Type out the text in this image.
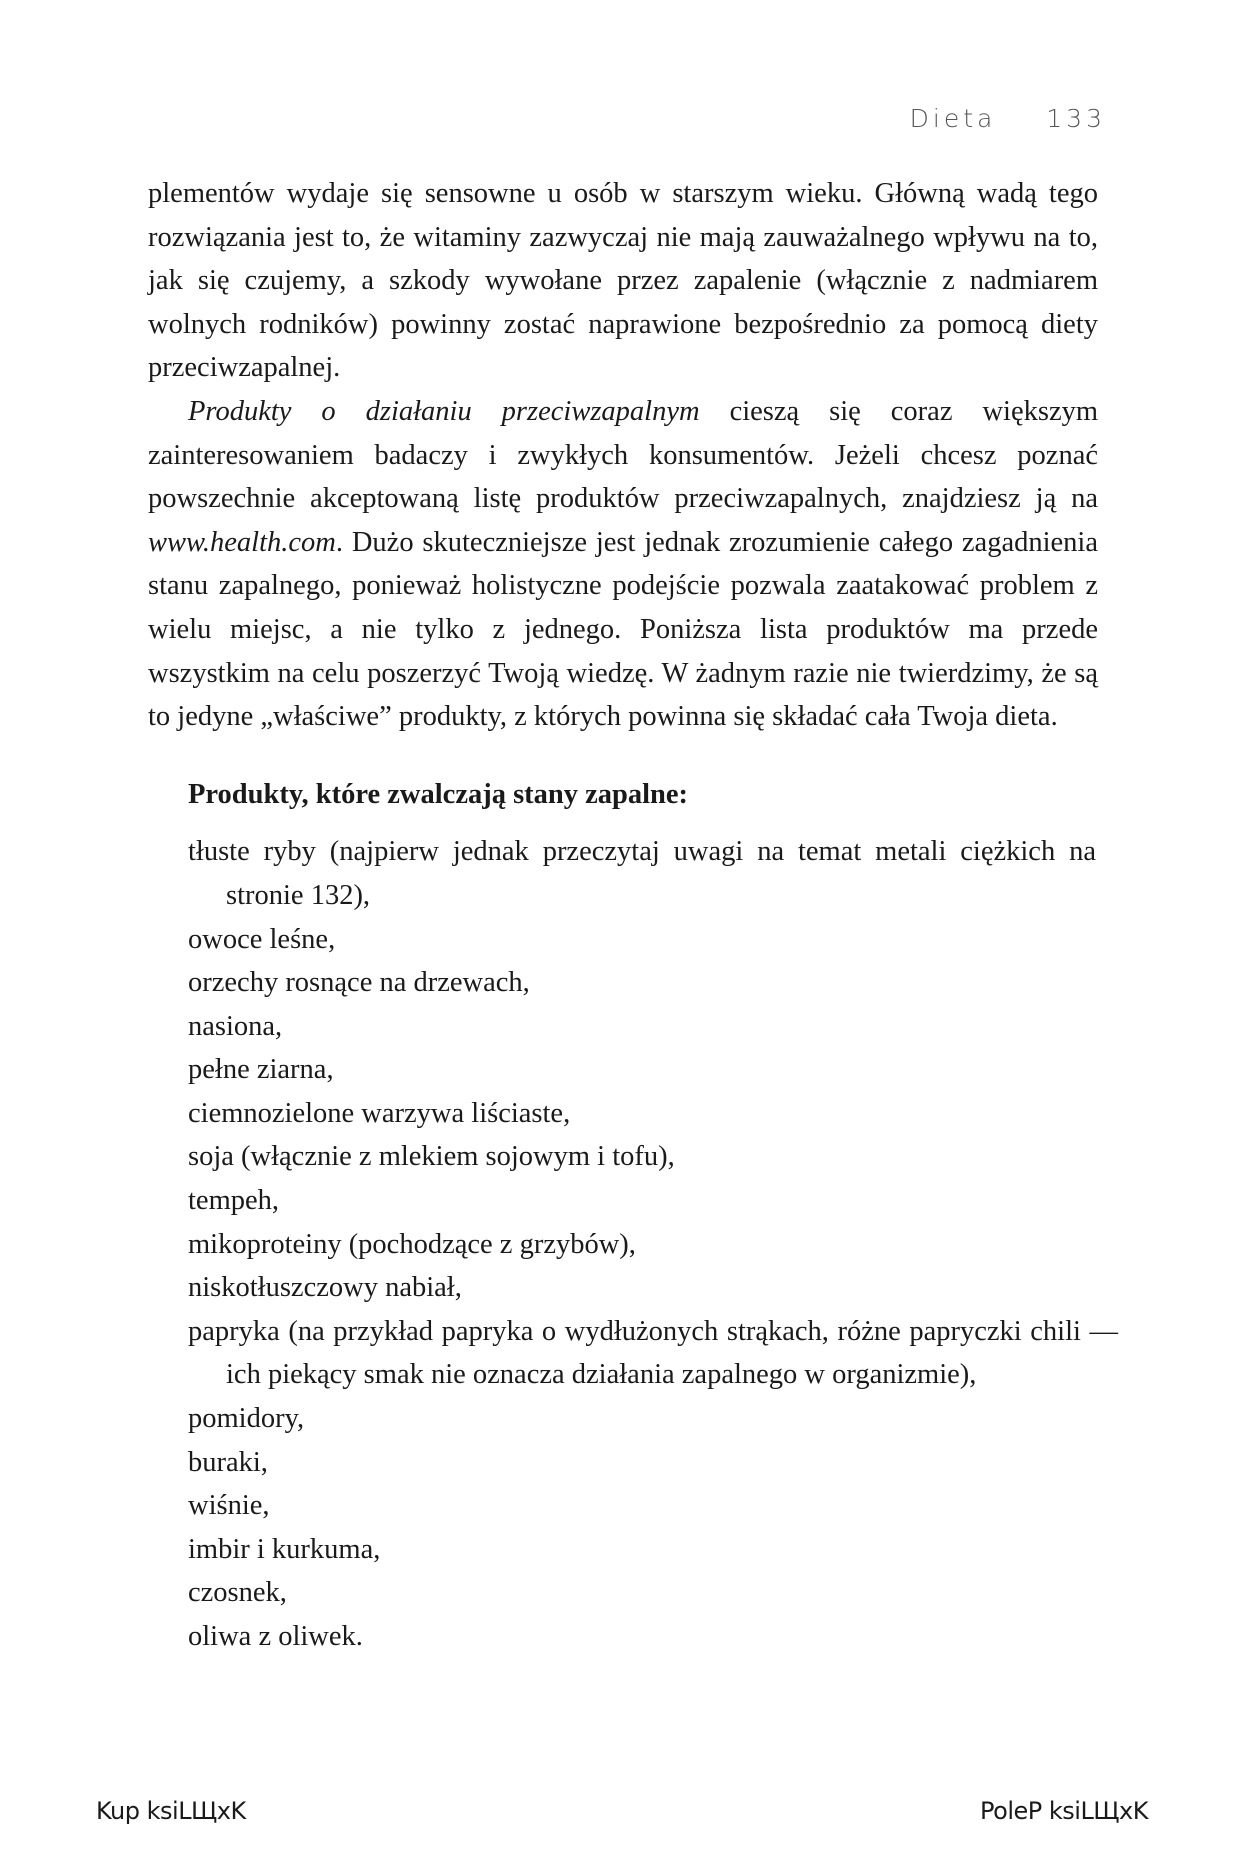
Dieta 133

plementów wydaje się sensowne u osób w starszym wieku. Główną wadą tego rozwiązania jest to, że witaminy zazwyczaj nie mają zauważalnego wpływu na to, jak się czujemy, a szkody wywołane przez zapalenie (włącznie z nadmiarem wolnych rodników) powinny zostać naprawione bezpośrednio za pomocą diety przeciwzapalnej.

Produkty o działaniu przeciwzapalnym cieszą się coraz większym zainteresowaniem badaczy i zwykłych konsumentów. Jeżeli chcesz poznać powszechnie akceptowaną listę produktów przeciwzapalnych, znajdziesz ją na www.health.com. Dużo skuteczniejsze jest jednak zrozumienie całego zagadnienia stanu zapalnego, ponieważ holistyczne podejście pozwala zaatakować problem z wielu miejsc, a nie tylko z jednego. Poniższa lista produktów ma przede wszystkim na celu poszerzyć Twoją wiedzę. W żadnym razie nie twierdzimy, że są to jedyne „właściwe” produkty, z których powinna się składać cała Twoja dieta.

Produkty, które zwalczają stany zapalne:
tłuste ryby (najpierw jednak przeczytaj uwagi na temat metali ciężkich na stronie 132),
owoce leśne,
orzechy rosnące na drzewach,
nasiona,
pełne ziarna,
ciemnozielone warzywa liściaste,
soja (włącznie z mlekiem sojowym i tofu),
tempeh,
mikoproteiny (pochodzące z grzybów),
niskotłuszczowy nabiał,
papryka (na przykład papryka o wydłużonych strąkach, różne papryczki chili — ich piekący smak nie oznacza działania zapalnego w organizmie),
pomidory,
buraki,
wiśnie,
imbir i kurkuma,
czosnek,
oliwa z oliwek.
Kup ksiLЩxK	PoleP ksiLЩxK
